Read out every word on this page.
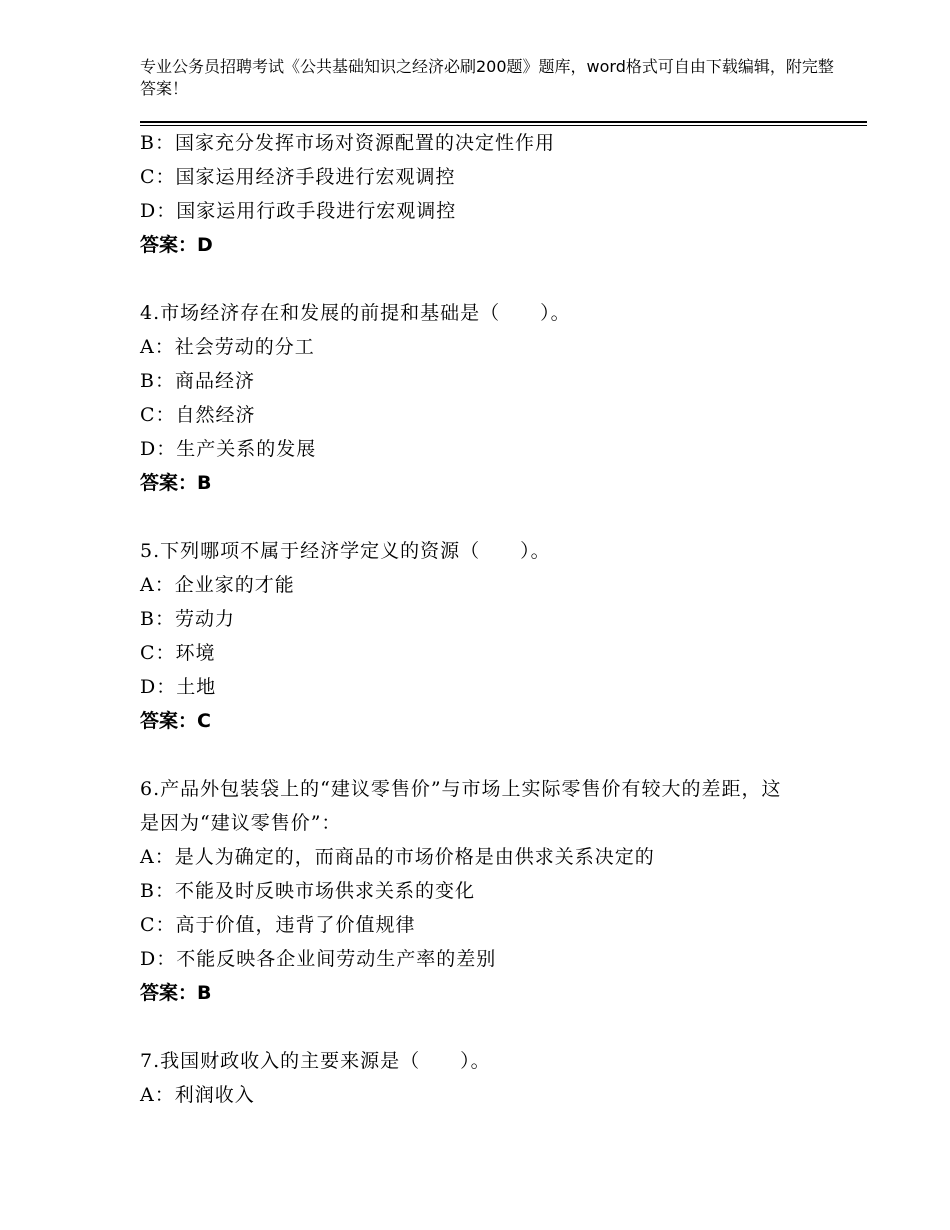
专业公务员招聘考试《公共基础知识之经济必刷200题》题库，word格式可自由下载编辑，附完整答案！
B：国家充分发挥市场对资源配置的决定性作用
C：国家运用经济手段进行宏观调控
D：国家运用行政手段进行宏观调控
答案：D
4.市场经济存在和发展的前提和基础是（　　）。
A：社会劳动的分工
B：商品经济
C：自然经济
D：生产关系的发展
答案：B
5.下列哪项不属于经济学定义的资源（　　）。
A：企业家的才能
B：劳动力
C：环境
D：土地
答案：C
6.产品外包装袋上的“建议零售价”与市场上实际零售价有较大的差距，这是因为“建议零售价”：
A：是人为确定的，而商品的市场价格是由供求关系决定的
B：不能及时反映市场供求关系的变化
C：高于价值，违背了价值规律
D：不能反映各企业间劳动生产率的差别
答案：B
7.我国财政收入的主要来源是（　　）。
A：利润收入
